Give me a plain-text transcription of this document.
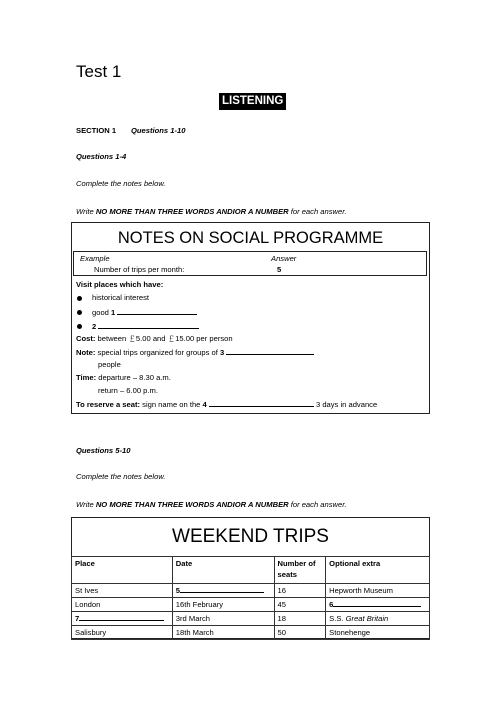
Test 1
LISTENING
SECTION 1 Questions 1-10
Questions 1-4
Complete the notes below.
Write NO MORE THAN THREE WORDS ANDIOR A NUMBER for each answer.
NOTES ON SOCIAL PROGRAMME
Example	Answer
Number of trips per month:	5
Visit places which have:
historical interest
good 1
2
Cost: between ￡5.00 and ￡15.00 per person
Note: special trips organized for groups of 3
people
Time: departure – 8.30 a.m.
return – 6.00 p.m.
To reserve a seat: sign name on the 4	3 days in advance
Questions 5-10
Complete the notes below.
Write NO MORE THAN THREE WORDS ANDIOR A NUMBER for each answer.
WEEKEND TRIPS
Place	Date	Number of seats	Optional extra
St Ives	5	16	Hepworth Museum
London	16th February	45	6
7	3rd March	18	S.S. Great Britain
Salisbury	18th March	50	Stonehenge
